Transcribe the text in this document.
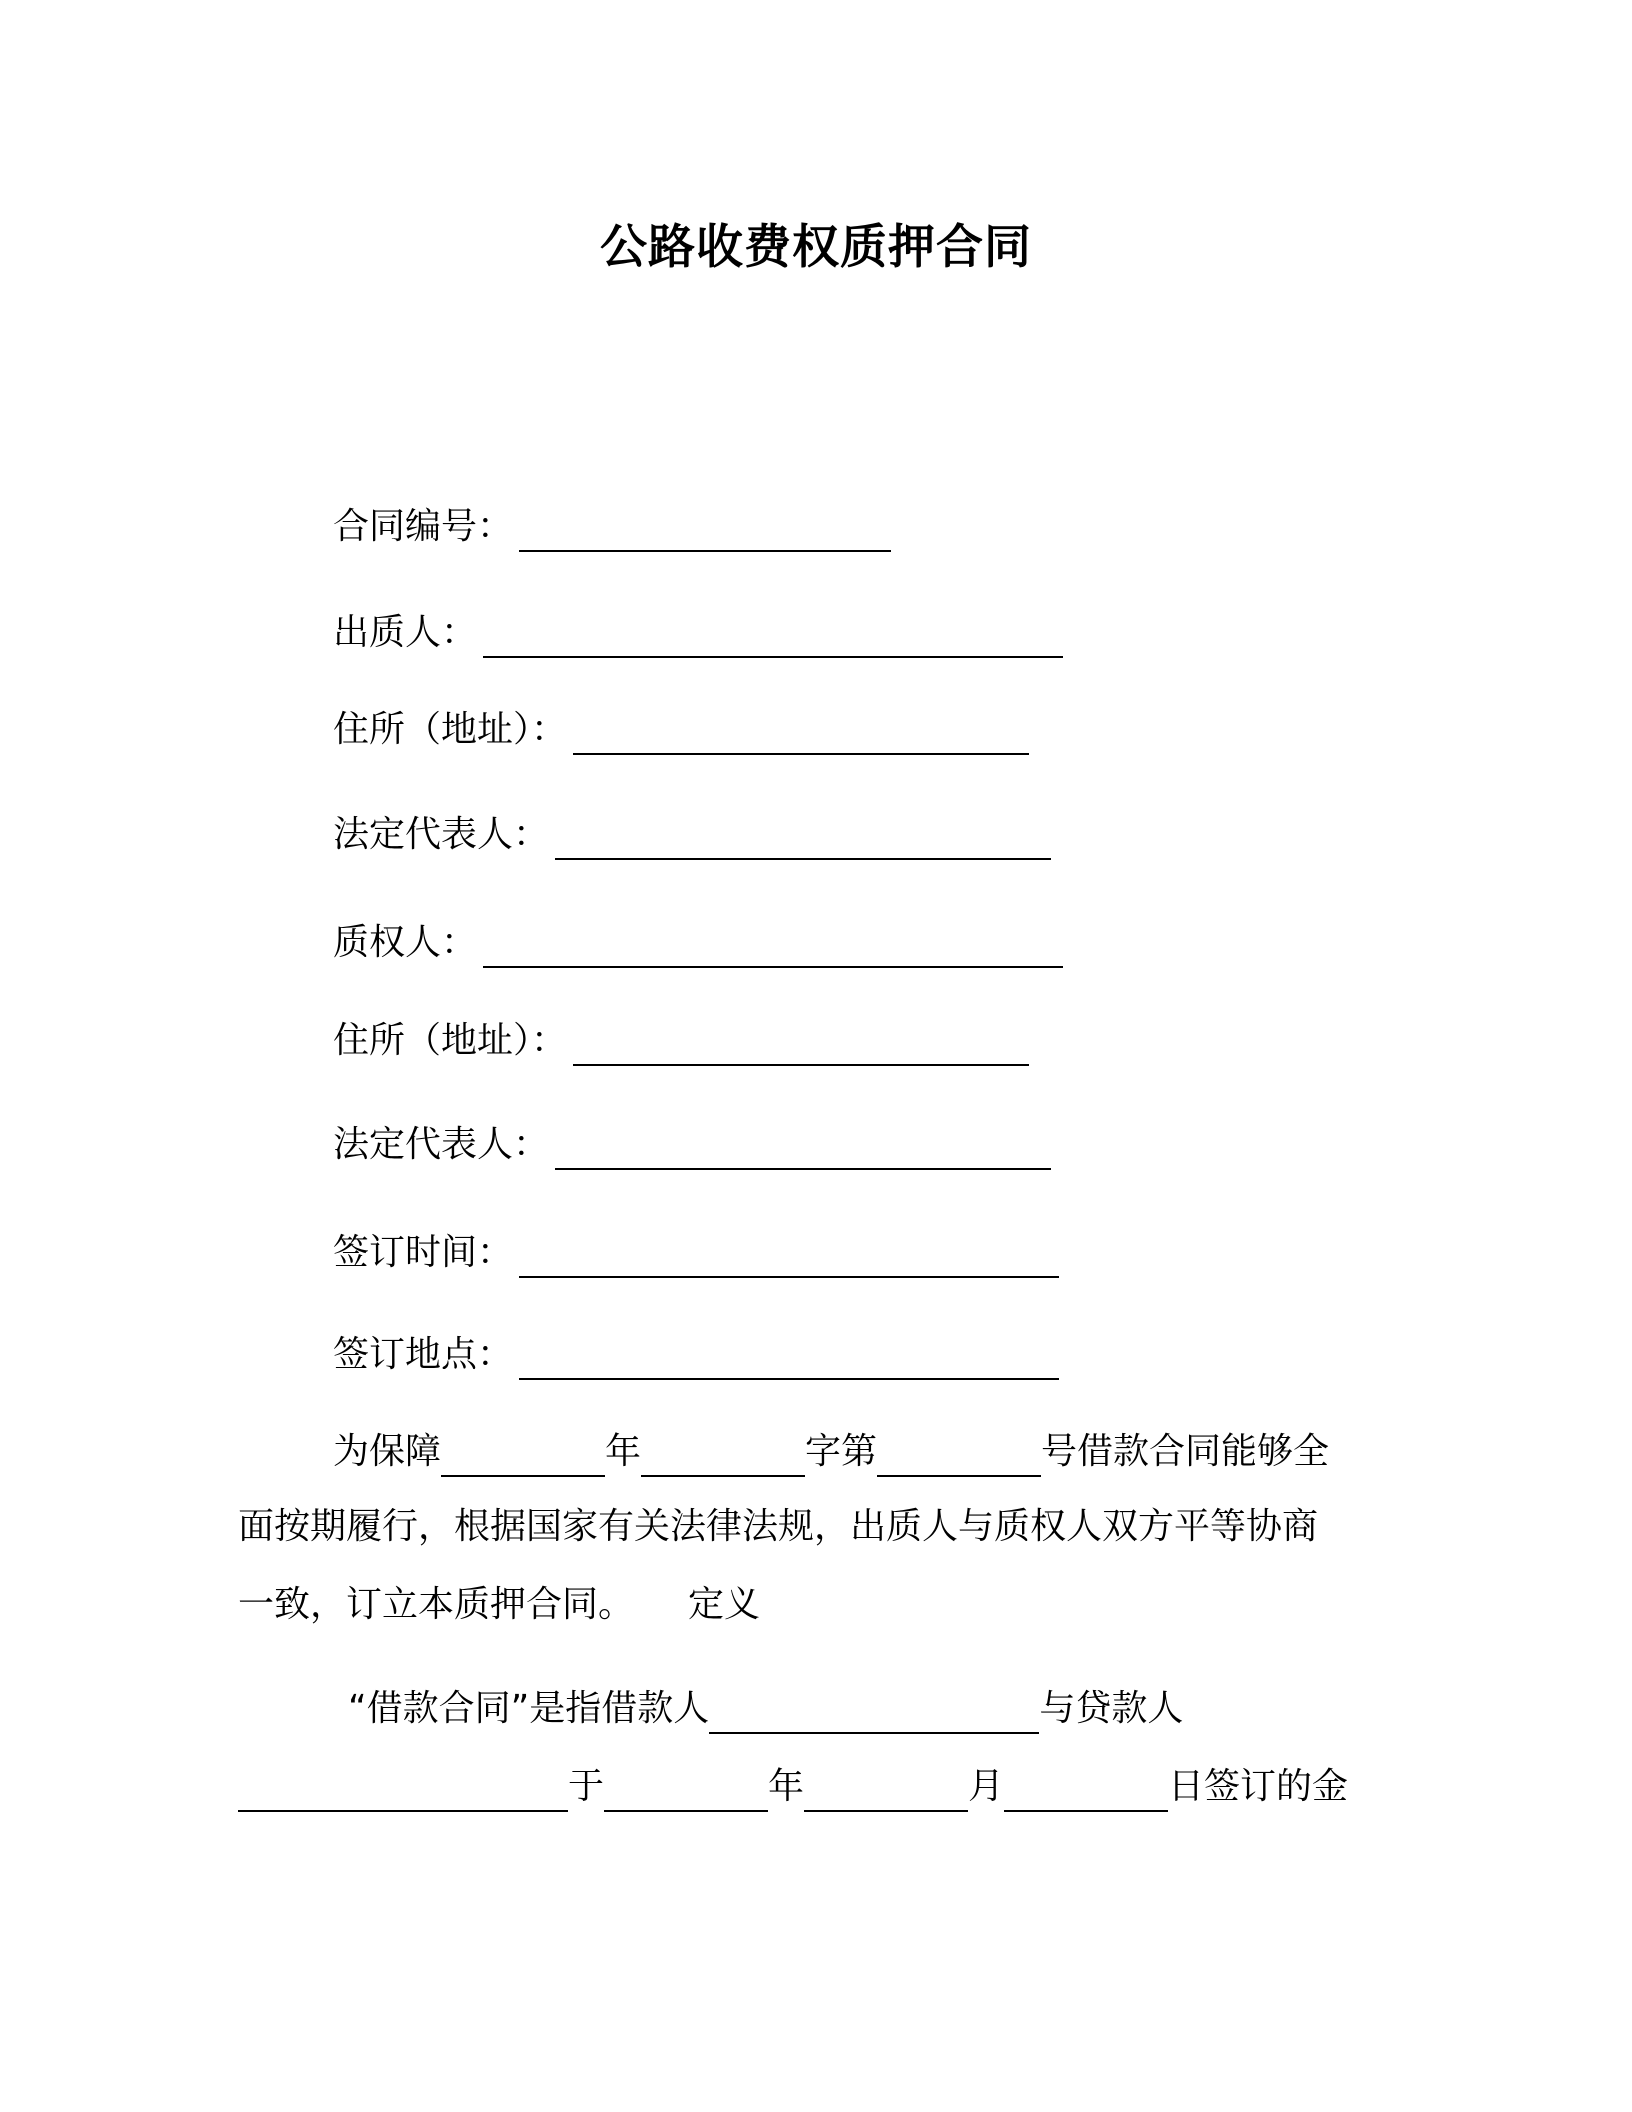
公路收费权质押合同
合同编号：
出质人：
住所（地址）：
法定代表人：
质权人：
住所（地址）：
法定代表人：
签订时间：
签订地点：
为保障	年	字第	号借款合同能够全
面按期履行，根据国家有关法律法规，出质人与质权人双方平等协商
一致，订立本质押合同。 定义
“借款合同”是指借款人	与贷款人
于	年	月	日签订的金
